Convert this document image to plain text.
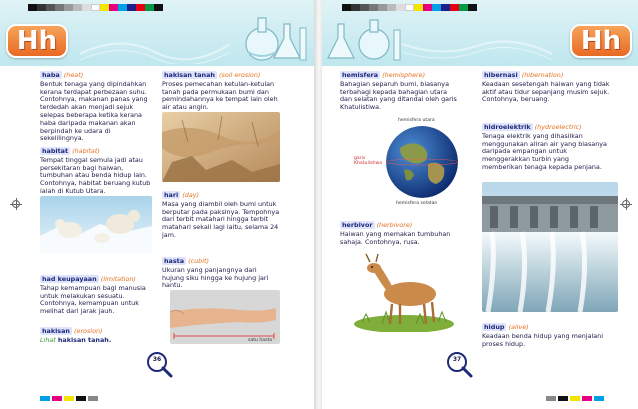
Hh
haba (heat)
Bentuk tenaga yang dipindahkan kerana terdapat perbezaan suhu. Contohnya, makanan panas yang terdedah akan menjadi sejuk selepas beberapa ketika kerana haba daripada makanan akan berpindah ke udara di sekelilingnya.
habitat (habitat)
Tempat tinggal semula jadi atau persekitaran bagi haiwan, tumbuhan atau benda hidup lain. Contohnya, habitat beruang kutub ialah di Kutub Utara.
had keupayaan (limitation)
Tahap kemampuan bagi manusia untuk melakukan sesuatu. Contohnya, kemampuan untuk melihat dari jarak jauh.
hakisan (erosion)
Lihat hakisan tanah.
hakisan tanah (soil erosion)
Proses pemecahan ketulan-ketulan tanah pada permukaan bumi dan pemindahannya ke tempat lain oleh air atau angin.
hari (day)
Masa yang diambil oleh bumi untuk berputar pada paksinya. Tempohnya dari terbit matahari hingga terbit matahari sekali lagi iaitu, selama 24 jam.
hasta (cubit)
Ukuran yang panjangnya dari hujung siku hingga ke hujung jari hantu.
satu hasta
36
Hh
hemisfera (hemisphere)
Bahagian separuh bumi, biasanya terbahagi kepada bahagian utara dan selatan yang ditandai oleh garis Khatulistiwa.
hemisfera utara
garis Khatulistiwa
hemisfera selatan
herbivor (herbivore)
Haiwan yang memakan tumbuhan sahaja. Contohnya, rusa.
hibernasi (hibernation)
Keadaan sesetengah haiwan yang tidak aktif atau tidur sepanjang musim sejuk. Contohnya, beruang.
hidroelektrik (hydroelectric)
Tenaga elektrik yang dihasilkan menggunakan aliran air yang biasanya daripada empangan untuk menggerakkan turbin yang memberikan tenaga kepada penjana.
hidup (alive)
Keadaan benda hidup yang menjalani proses hidup.
37
